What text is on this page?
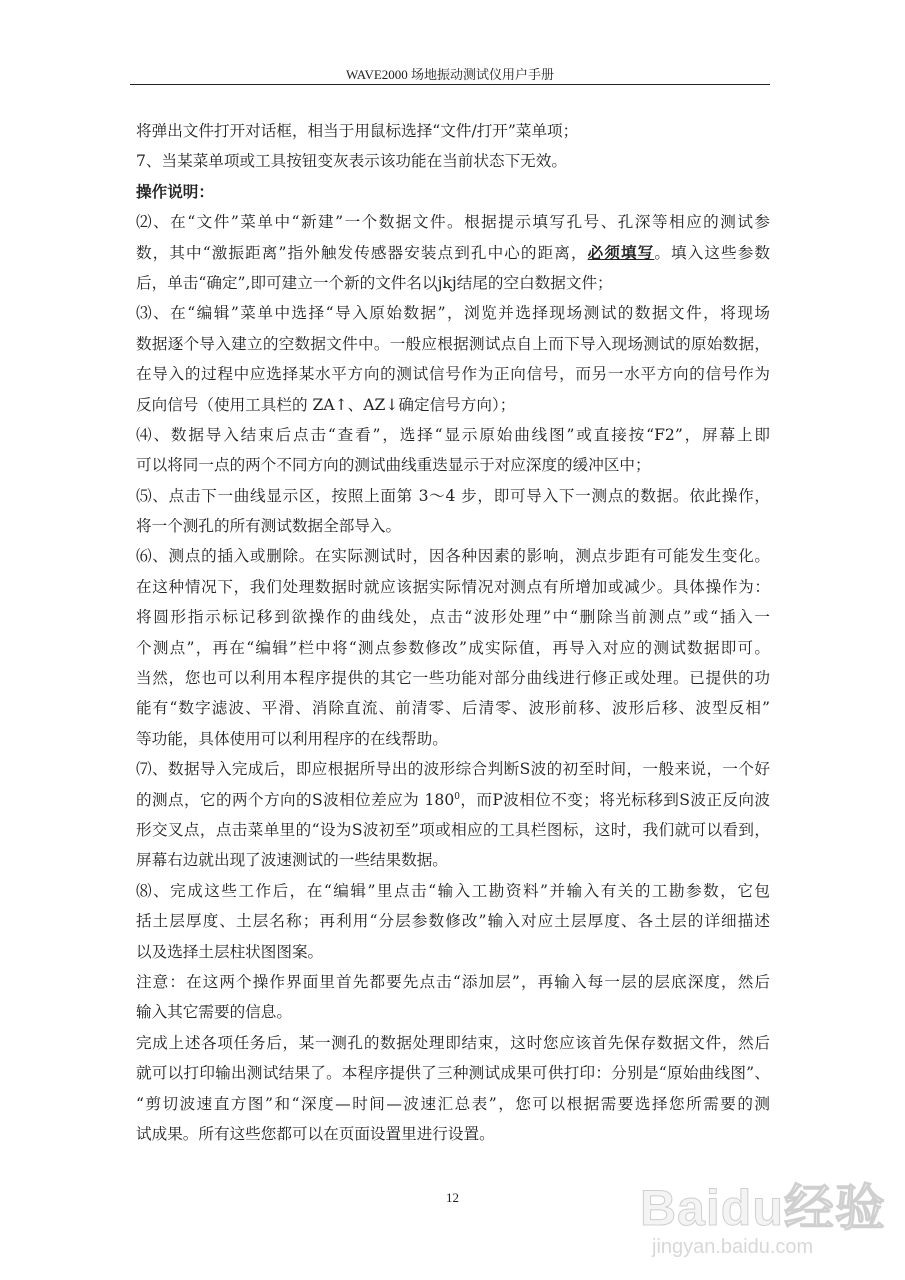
WAVE2000 场地振动测试仪用户手册
将弹出文件打开对话框，相当于用鼠标选择“文件/打开”菜单项；
7、当某菜单项或工具按钮变灰表示该功能在当前状态下无效。
操作说明：
⑵、在“文件”菜单中“新建”一个数据文件。根据提示填写孔号、孔深等相应的测试参
数，其中“激振距离”指外触发传感器安装点到孔中心的距离，必须填写。填入这些参数
后，单击“确定”,即可建立一个新的文件名以jkj结尾的空白数据文件；
⑶、在“编辑”菜单中选择“导入原始数据”，浏览并选择现场测试的数据文件，将现场
数据逐个导入建立的空数据文件中。一般应根据测试点自上而下导入现场测试的原始数据，
在导入的过程中应选择某水平方向的测试信号作为正向信号，而另一水平方向的信号作为
反向信号（使用工具栏的 ZA↑、AZ↓确定信号方向）；
⑷、数据导入结束后点击“查看”，选择“显示原始曲线图”或直接按“F2”，屏幕上即
可以将同一点的两个不同方向的测试曲线重迭显示于对应深度的缓冲区中；
⑸、点击下一曲线显示区，按照上面第 3～4 步，即可导入下一测点的数据。依此操作，
将一个测孔的所有测试数据全部导入。
⑹、测点的插入或删除。在实际测试时，因各种因素的影响，测点步距有可能发生变化。
在这种情况下，我们处理数据时就应该据实际情况对测点有所增加或减少。具体操作为：
将圆形指示标记移到欲操作的曲线处，点击“波形处理”中“删除当前测点”或“插入一
个测点”，再在“编辑”栏中将“测点参数修改”成实际值，再导入对应的测试数据即可。
当然，您也可以利用本程序提供的其它一些功能对部分曲线进行修正或处理。已提供的功
能有“数字滤波、平滑、消除直流、前清零、后清零、波形前移、波形后移、波型反相”
等功能，具体使用可以利用程序的在线帮助。
⑺、数据导入完成后，即应根据所导出的波形综合判断S波的初至时间，一般来说，一个好
的测点，它的两个方向的S波相位差应为 $180^0$，而P波相位不变；将光标移到S波正反向波
形交叉点，点击菜单里的“设为S波初至”项或相应的工具栏图标，这时，我们就可以看到，
屏幕右边就出现了波速测试的一些结果数据。
⑻、完成这些工作后，在“编辑”里点击“输入工勘资料”并输入有关的工勘参数，它包
括土层厚度、土层名称；再利用“分层参数修改”输入对应土层厚度、各土层的详细描述
以及选择土层柱状图图案。
注意：在这两个操作界面里首先都要先点击“添加层”，再输入每一层的层底深度，然后
输入其它需要的信息。
完成上述各项任务后，某一测孔的数据处理即结束，这时您应该首先保存数据文件，然后
就可以打印输出测试结果了。本程序提供了三种测试成果可供打印：分别是“原始曲线图”、
“剪切波速直方图”和“深度—时间—波速汇总表”，您可以根据需要选择您所需要的测
试成果。所有这些您都可以在页面设置里进行设置。
12	Baidu经验
jingyan.baidu.com
